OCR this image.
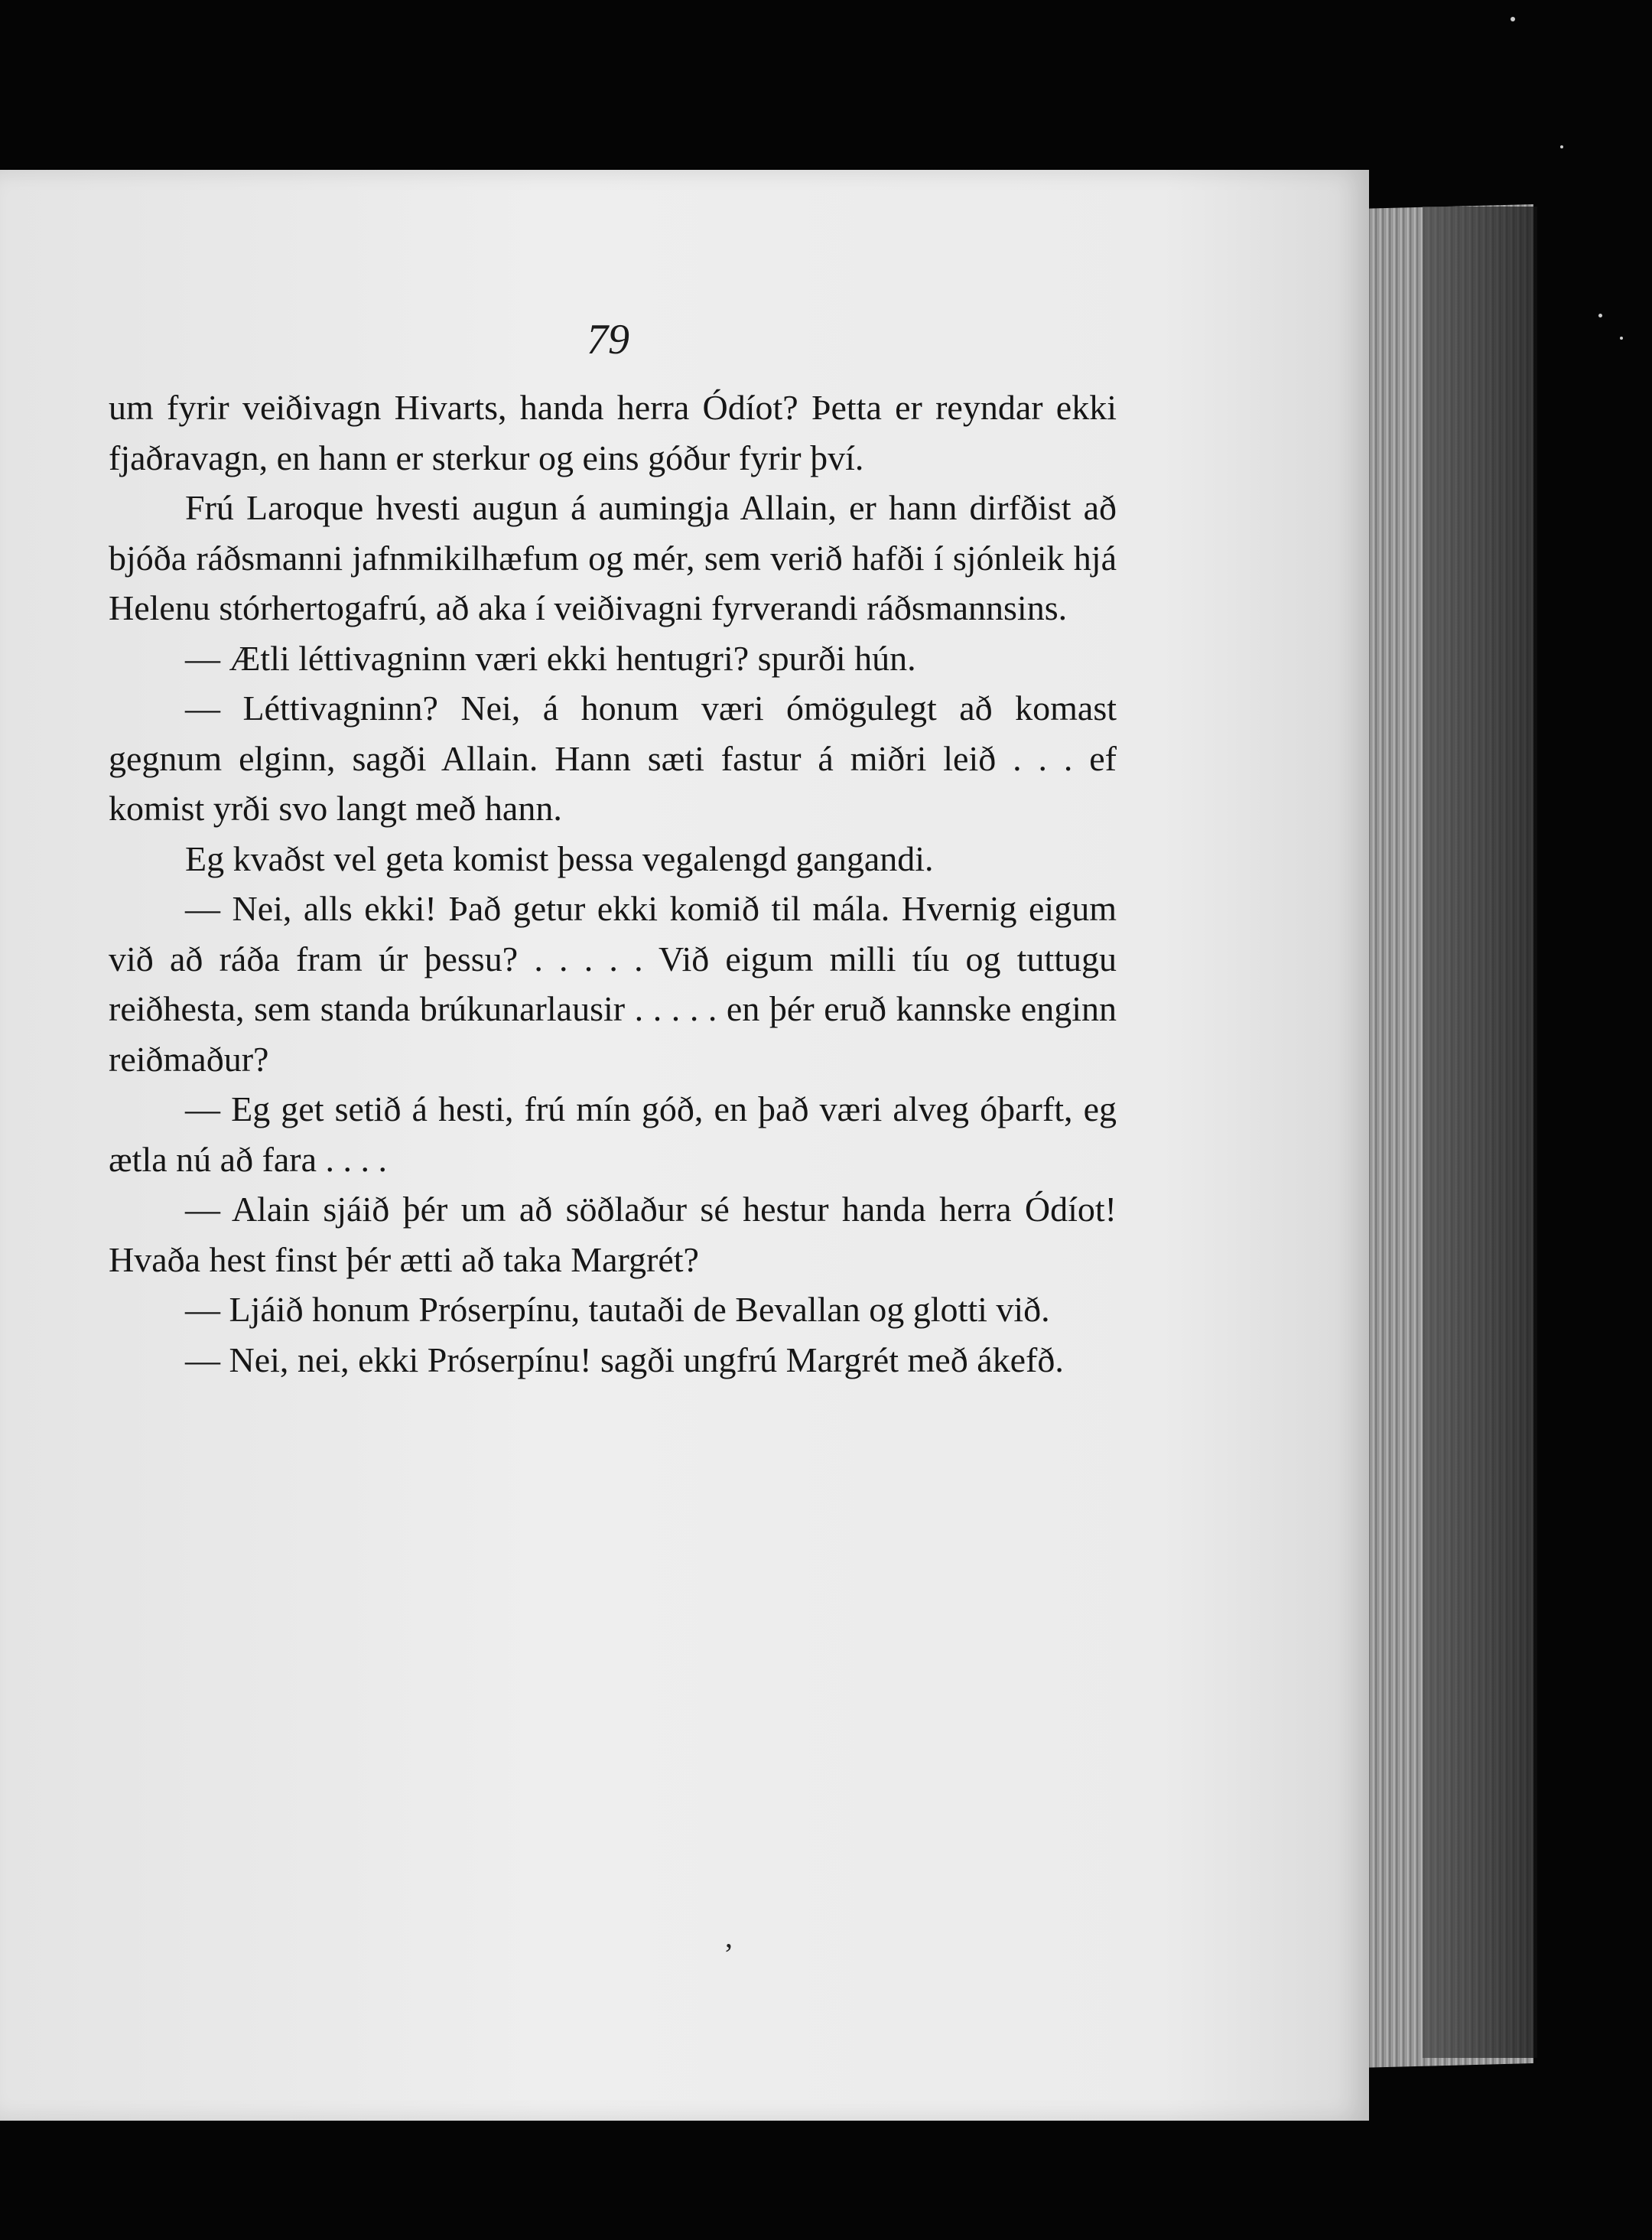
79

um fyrir veiðivagn Hivarts, handa herra Ódíot? Þetta er reyndar ekki fjaðravagn, en hann er sterkur og eins góður fyrir því.

Frú Laroque hvesti augun á aumingja Allain, er hann dirfðist að bjóða ráðsmanni jafnmikilhæfum og mér, sem verið hafði í sjónleik hjá Helenu stórhertogafrú, að aka í veiðivagni fyrverandi ráðsmannsins.

— Ætli léttivagninn væri ekki hentugri? spurði hún.

— Léttivagninn? Nei, á honum væri ómögulegt að komast gegnum elginn, sagði Allain. Hann sæti fastur á miðri leið . . . ef komist yrði svo langt með hann.

Eg kvaðst vel geta komist þessa vegalengd gangandi.

— Nei, alls ekki! Það getur ekki komið til mála. Hvernig eigum við að ráða fram úr þessu? . . . . . Við eigum milli tíu og tuttugu reiðhesta, sem standa brúkunarlausir . . . . . en þér eruð kannske enginn reiðmaður?

— Eg get setið á hesti, frú mín góð, en það væri alveg óþarft, eg ætla nú að fara . . . .

— Alain sjáið þér um að söðlaður sé hestur handa herra Ódíot! Hvaða hest finst þér ætti að taka Margrét?

— Ljáið honum Próserpínu, tautaði de Bevallan og glotti við.

— Nei, nei, ekki Próserpínu! sagði ungfrú Margrét með ákefð.

‚
